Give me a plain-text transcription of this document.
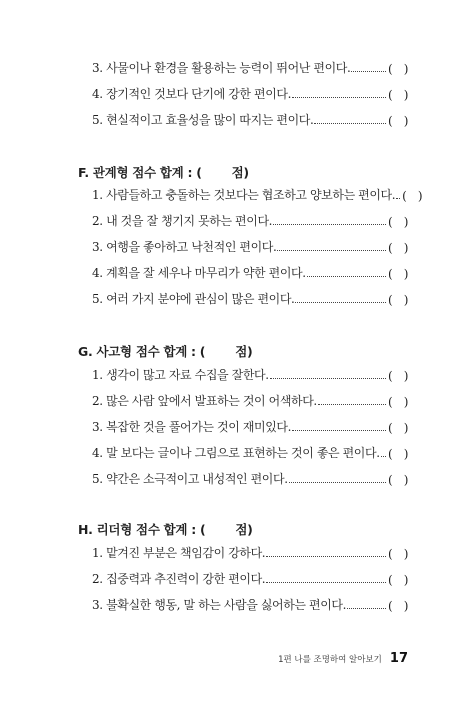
3. 사물이나 환경을 활용하는 능력이 뛰어난 편이다.	( )
4. 장기적인 것보다 단기에 강한 편이다.	( )
5. 현실적이고 효율성을 많이 따지는 편이다.	( )
F. 관계형 점수 합계 : ( 점)
1. 사람들하고 충돌하는 것보다는 협조하고 양보하는 편이다. ( )
2. 내 것을 잘 챙기지 못하는 편이다.	( )
3. 여행을 좋아하고 낙천적인 편이다.	( )
4. 계획을 잘 세우나 마무리가 약한 편이다.	( )
5. 여러 가지 분야에 관심이 많은 편이다.	( )
G. 사고형 점수 합계 : ( 점)
1. 생각이 많고 자료 수집을 잘한다.	( )
2. 많은 사람 앞에서 발표하는 것이 어색하다.	( )
3. 복잡한 것을 풀어가는 것이 재미있다.	( )
4. 말 보다는 글이나 그림으로 표현하는 것이 좋은 편이다. ( )
5. 약간은 소극적이고 내성적인 편이다.	( )
H. 리더형 점수 합계 : ( 점)
1. 맡겨진 부분은 책임감이 강하다.	( )
2. 집중력과 추진력이 강한 편이다.	( )
3. 불확실한 행동, 말 하는 사람을 싫어하는 편이다.	( )
1편 나를 조명하여 알아보기 17
